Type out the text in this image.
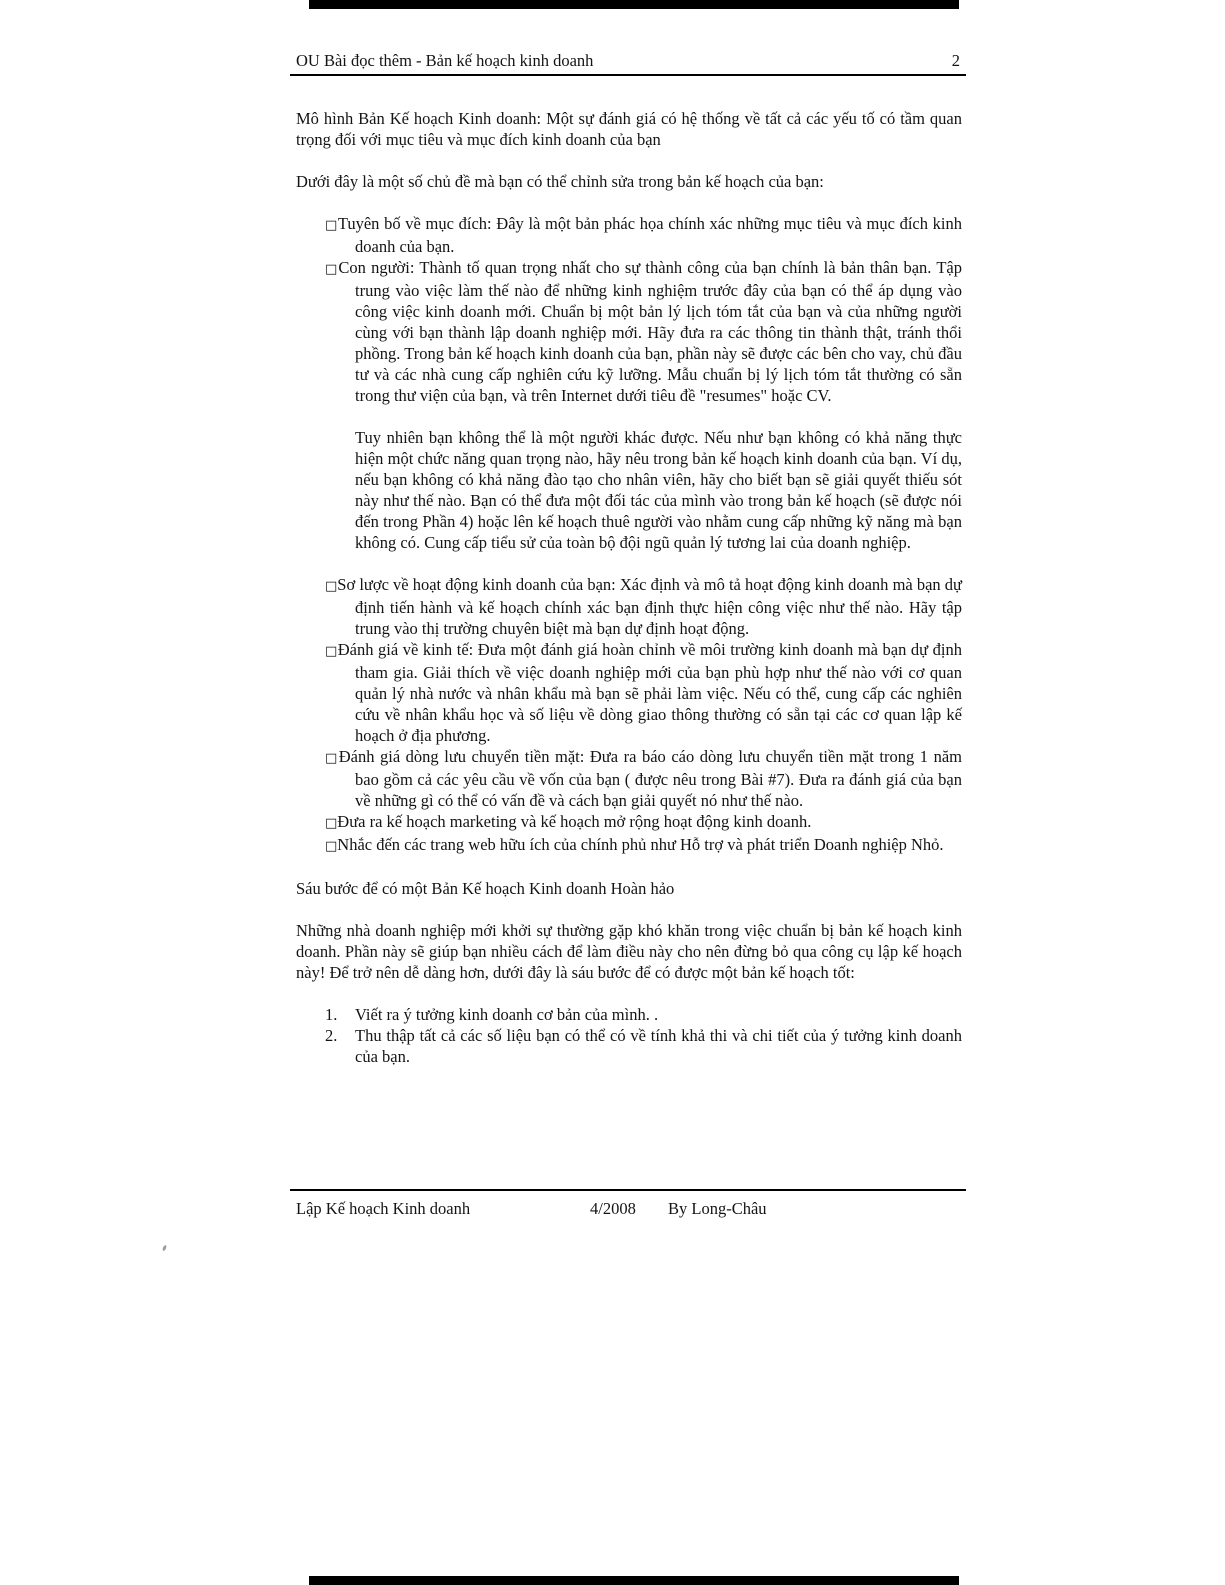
OU Bài đọc thêm - Bản kế hoạch kinh doanh	2
Mô hình Bản Kế hoạch Kinh doanh: Một sự đánh giá có hệ thống về tất cả các yếu tố có tầm quan trọng đối với mục tiêu và mục đích kinh doanh của bạn
Dưới đây là một số chủ đề mà bạn có thể chỉnh sửa trong bản kế hoạch của bạn:
□Tuyên bố về mục đích: Đây là một bản phác họa chính xác những mục tiêu và mục đích kinh doanh của bạn.
□Con người: Thành tố quan trọng nhất cho sự thành công của bạn chính là bản thân bạn. Tập trung vào việc làm thế nào để những kinh nghiệm trước đây của bạn có thể áp dụng vào công việc kinh doanh mới. Chuẩn bị một bản lý lịch tóm tắt của bạn và của những người cùng với bạn thành lập doanh nghiệp mới. Hãy đưa ra các thông tin thành thật, tránh thổi phồng. Trong bản kế hoạch kinh doanh của bạn, phần này sẽ được các bên cho vay, chủ đầu tư và các nhà cung cấp nghiên cứu kỹ lưỡng. Mẫu chuẩn bị lý lịch tóm tắt thường có sẵn trong thư viện của bạn, và trên Internet dưới tiêu đề "resumes" hoặc CV.
Tuy nhiên bạn không thể là một người khác được. Nếu như bạn không có khả năng thực hiện một chức năng quan trọng nào, hãy nêu trong bản kế hoạch kinh doanh của bạn. Ví dụ, nếu bạn không có khả năng đào tạo cho nhân viên, hãy cho biết bạn sẽ giải quyết thiếu sót này như thế nào. Bạn có thể đưa một đối tác của mình vào trong bản kế hoạch (sẽ được nói đến trong Phần 4) hoặc lên kế hoạch thuê người vào nhằm cung cấp những kỹ năng mà bạn không có. Cung cấp tiểu sử của toàn bộ đội ngũ quản lý tương lai của doanh nghiệp.
□Sơ lược về hoạt động kinh doanh của bạn: Xác định và mô tả hoạt động kinh doanh mà bạn dự định tiến hành và kế hoạch chính xác bạn định thực hiện công việc như thế nào. Hãy tập trung vào thị trường chuyên biệt mà bạn dự định hoạt động.
□Đánh giá về kinh tế: Đưa một đánh giá hoàn chỉnh về môi trường kinh doanh mà bạn dự định tham gia. Giải thích về việc doanh nghiệp mới của bạn phù hợp như thế nào với cơ quan quản lý nhà nước và nhân khẩu mà bạn sẽ phải làm việc. Nếu có thể, cung cấp các nghiên cứu về nhân khẩu học và số liệu về dòng giao thông thường có sẵn tại các cơ quan lập kế hoạch ở địa phương.
□Đánh giá dòng lưu chuyển tiền mặt: Đưa ra báo cáo dòng lưu chuyển tiền mặt trong 1 năm bao gồm cả các yêu cầu về vốn của bạn ( được nêu trong Bài #7). Đưa ra đánh giá của bạn về những gì có thể có vấn đề và cách bạn giải quyết nó như thế nào.
□Đưa ra kế hoạch marketing và kế hoạch mở rộng hoạt động kinh doanh.
□Nhắc đến các trang web hữu ích của chính phủ như Hỗ trợ và phát triển Doanh nghiệp Nhỏ.
Sáu bước để có một Bản Kế hoạch Kinh doanh Hoàn hảo
Những nhà doanh nghiệp mới khởi sự thường gặp khó khăn trong việc chuẩn bị bản kế hoạch kinh doanh. Phần này sẽ giúp bạn nhiều cách để làm điều này cho nên đừng bỏ qua công cụ lập kế hoạch này! Để trở nên dễ dàng hơn, dưới đây là sáu bước để có được một bản kế hoạch tốt:
1. Viết ra ý tưởng kinh doanh cơ bản của mình. .
2. Thu thập tất cả các số liệu bạn có thể có về tính khả thi và chi tiết của ý tưởng kinh doanh của bạn.
Lập Kế hoạch Kinh doanh	4/2008 By Long-Châu
